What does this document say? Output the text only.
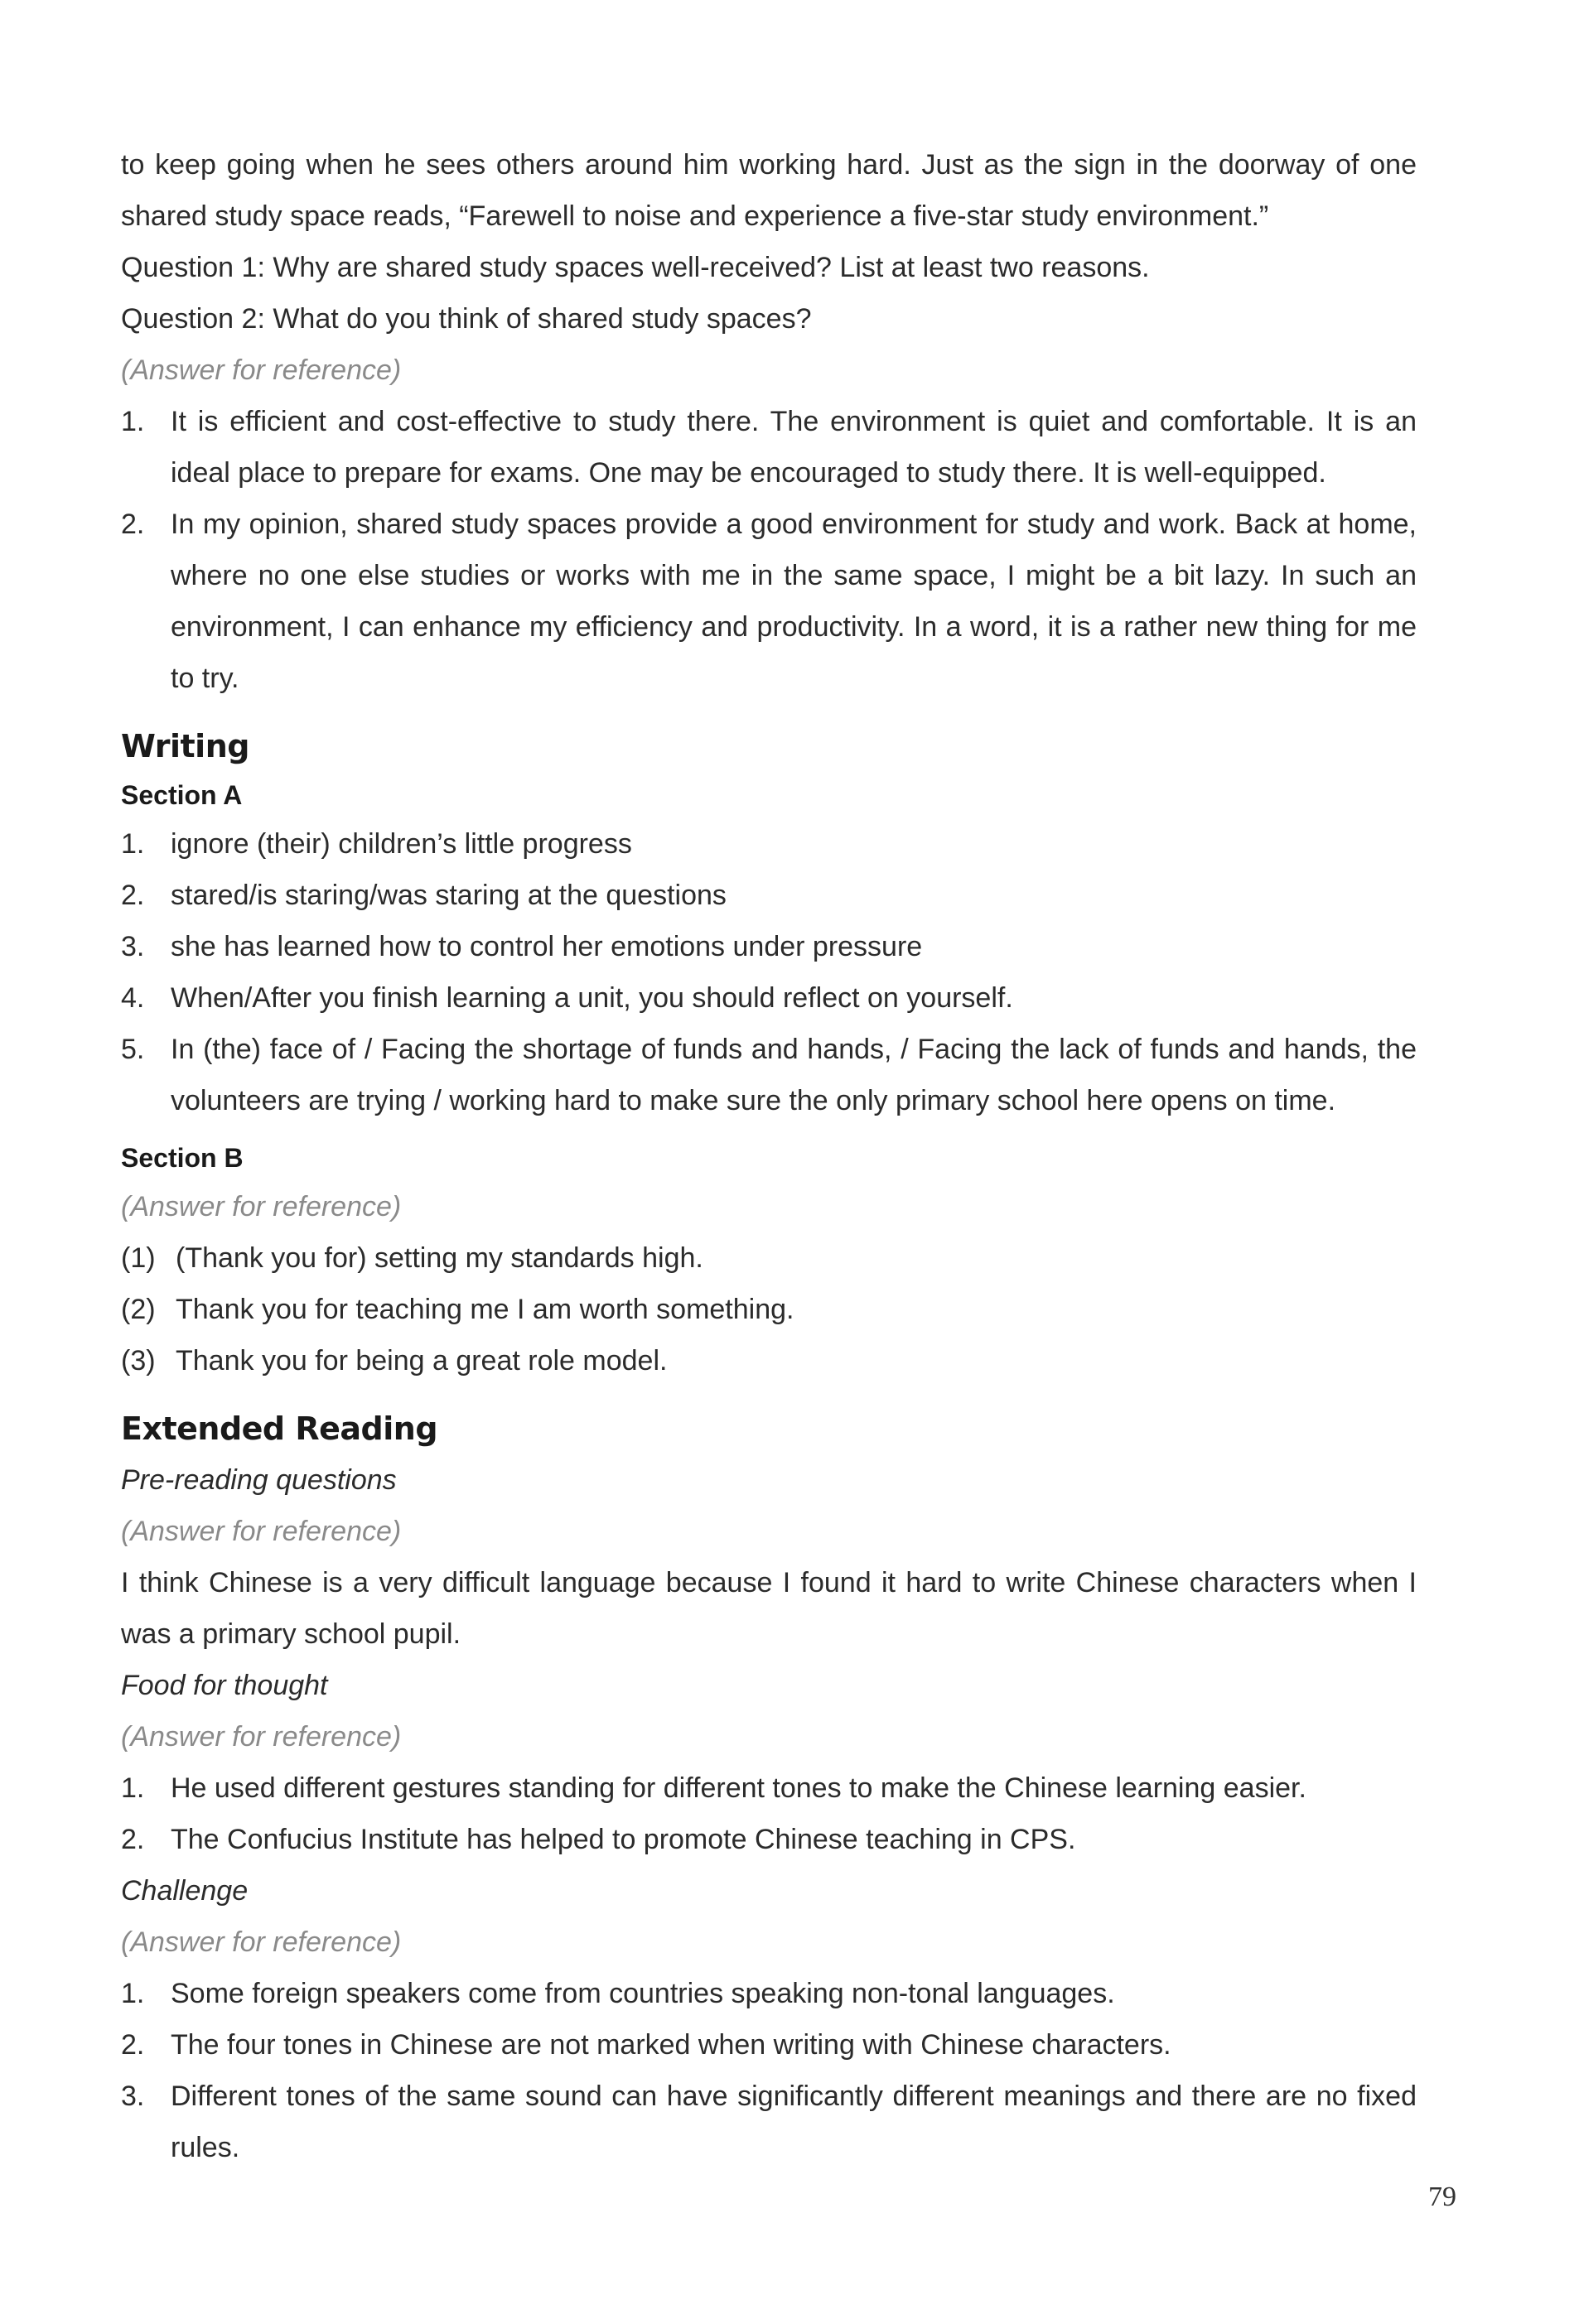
to keep going when he sees others around him working hard. Just as the sign in the doorway of one shared study space reads, “Farewell to noise and experience a five-star study environment.”

Question 1: Why are shared study spaces well-received? List at least two reasons.

Question 2: What do you think of shared study spaces?

(Answer for reference)

1. It is efficient and cost-effective to study there. The environment is quiet and comfortable. It is an ideal place to prepare for exams. One may be encouraged to study there. It is well-equipped.
2. In my opinion, shared study spaces provide a good environment for study and work. Back at home, where no one else studies or works with me in the same space, I might be a bit lazy. In such an environment, I can enhance my efficiency and productivity. In a word, it is a rather new thing for me to try.
Writing
Section A
1. ignore (their) children’s little progress
2. stared/is staring/was staring at the questions
3. she has learned how to control her emotions under pressure
4. When/After you finish learning a unit, you should reflect on yourself.
5. In (the) face of / Facing the shortage of funds and hands, / Facing the lack of funds and hands, the volunteers are trying / working hard to make sure the only primary school here opens on time.
Section B

(Answer for reference)

(1) (Thank you for) setting my standards high.
(2) Thank you for teaching me I am worth something.
(3) Thank you for being a great role model.
Extended Reading

Pre-reading questions

(Answer for reference)

I think Chinese is a very difficult language because I found it hard to write Chinese characters when I was a primary school pupil.

Food for thought

(Answer for reference)

1. He used different gestures standing for different tones to make the Chinese learning easier.
2. The Confucius Institute has helped to promote Chinese teaching in CPS.

Challenge

(Answer for reference)

1. Some foreign speakers come from countries speaking non-tonal languages.
2. The four tones in Chinese are not marked when writing with Chinese characters.
3. Different tones of the same sound can have significantly different meanings and there are no fixed rules.
79
